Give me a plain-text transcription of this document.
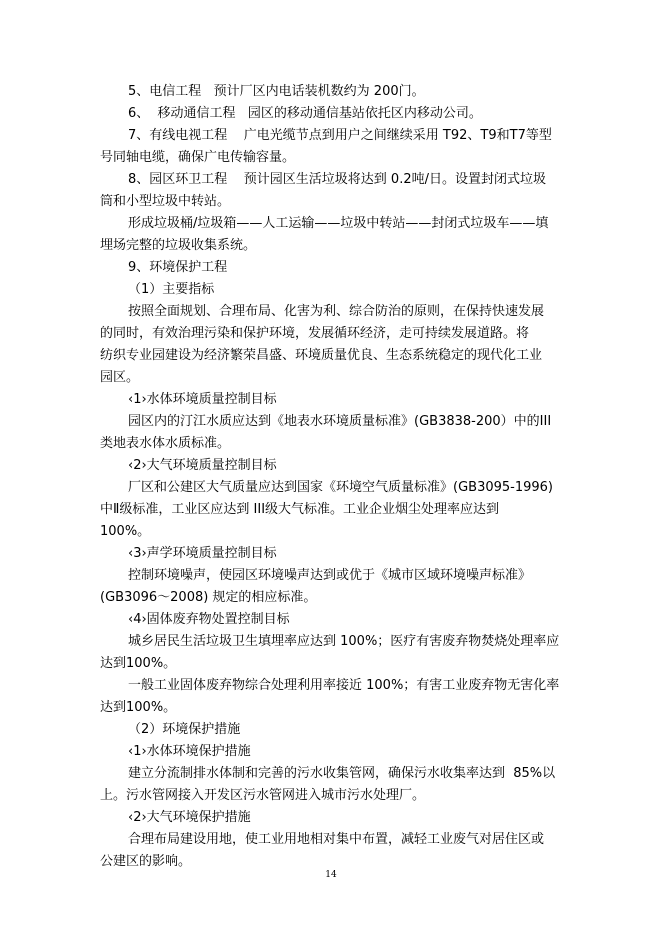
5、电信工程   预计厂区内电话装机数约为 200门。
6、  移动通信工程   园区的移动通信基站依托区内移动公司。
7、有线电视工程    广电光缆节点到用户之间继续采用 T92、T9和T7等型
号同轴电缆，确保广电传输容量。
8、园区环卫工程    预计园区生活垃圾将达到 0.2吨/日。设置封闭式垃圾
筒和小型垃圾中转站。
形成垃圾桶/垃圾箱——人工运输——垃圾中转站——封闭式垃圾车——填
埋场完整的垃圾收集系统。
9、环境保护工程
（1）主要指标
按照全面规划、合理布局、化害为利、综合防治的原则，在保持快速发展
的同时，有效治理污染和保护环境，发展循环经济，走可持续发展道路。将
纺织专业园建设为经济繁荣昌盛、环境质量优良、生态系统稳定的现代化工业
园区。
‹1›水体环境质量控制目标
园区内的汀江水质应达到《地表水环境质量标准》(GB3838-200）中的III
类地表水体水质标准。
‹2›大气环境质量控制目标
厂区和公建区大气质量应达到国家《环境空气质量标准》(GB3095-1996)
中Ⅱ级标准，工业区应达到 III级大气标准。工业企业烟尘处理率应达到
100%。
‹3›声学环境质量控制目标
控制环境噪声，使园区环境噪声达到或优于《城市区域环境噪声标准》
(GB3096～2008) 规定的相应标准。
‹4›固体废弃物处置控制目标
城乡居民生活垃圾卫生填埋率应达到 100%；医疗有害废弃物焚烧处理率应
达到100%。
一般工业固体废弃物综合处理利用率接近 100%；有害工业废弃物无害化率
达到100%。
（2）环境保护措施
‹1›水体环境保护措施
建立分流制排水体制和完善的污水收集管网，确保污水收集率达到  85%以
上。污水管网接入开发区污水管网进入城市污水处理厂。
‹2›大气环境保护措施
合理布局建设用地，使工业用地相对集中布置，减轻工业废气对居住区或
公建区的影响。
14
